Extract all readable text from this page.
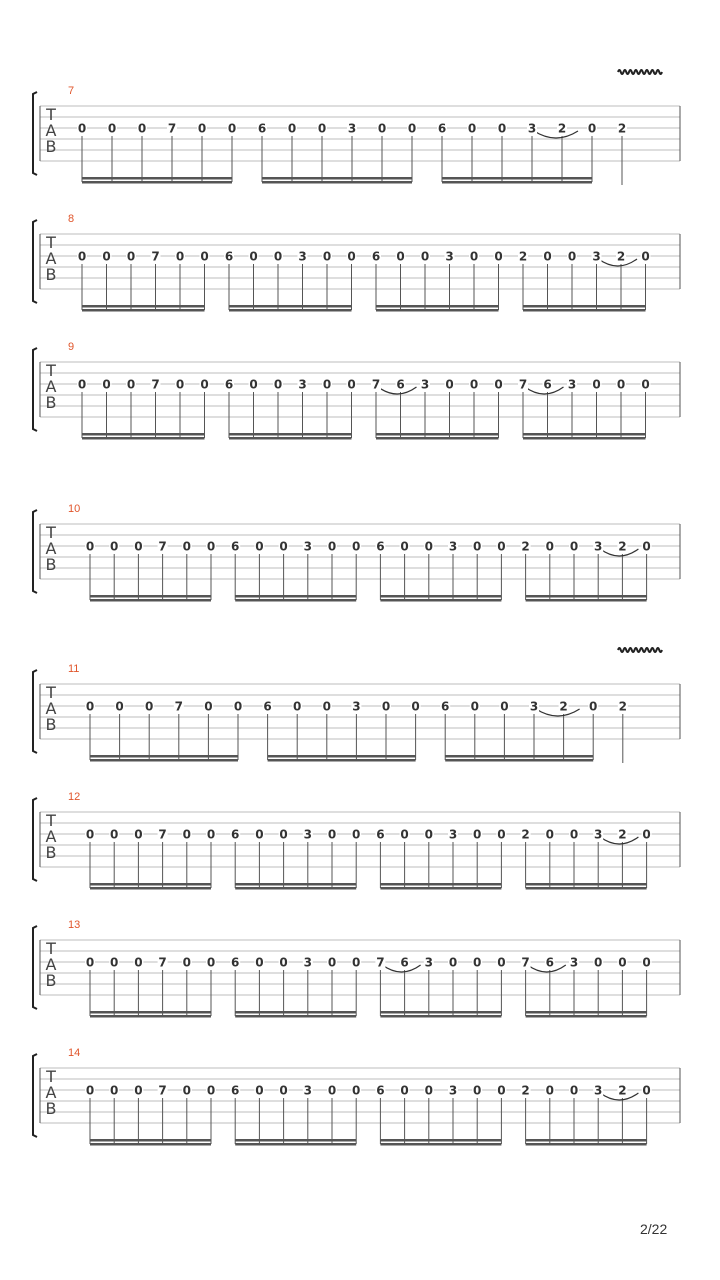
T
A
B
7
0 0 0 7 0 0 6 0 0 3 0 0 6 0 0 3 2 0 2
T
A
B
8
0 0 0 7 0 0 6 0 0 3 0 0 6 0 0 3 0 0 2 0 0 3 2 0
T
A
B
9
0 0 0 7 0 0 6 0 0 3 0 0 7 6 3 0 0 0 7 6 3 0 0 0
T
A
B
10
0 0 0 7 0 0 6 0 0 3 0 0 6 0 0 3 0 0 2 0 0 3 2 0
T
A
B
11
0 0 0 7 0 0 6 0 0 3 0 0 6 0 0 3 2 0 2
T
A
B
12
0 0 0 7 0 0 6 0 0 3 0 0 6 0 0 3 0 0 2 0 0 3 2 0
T
A
B
13
0 0 0 7 0 0 6 0 0 3 0 0 7 6 3 0 0 0 7 6 3 0 0 0
T
A
B
14
0 0 0 7 0 0 6 0 0 3 0 0 6 0 0 3 0 0 2 0 0 3 2 0
2/22
